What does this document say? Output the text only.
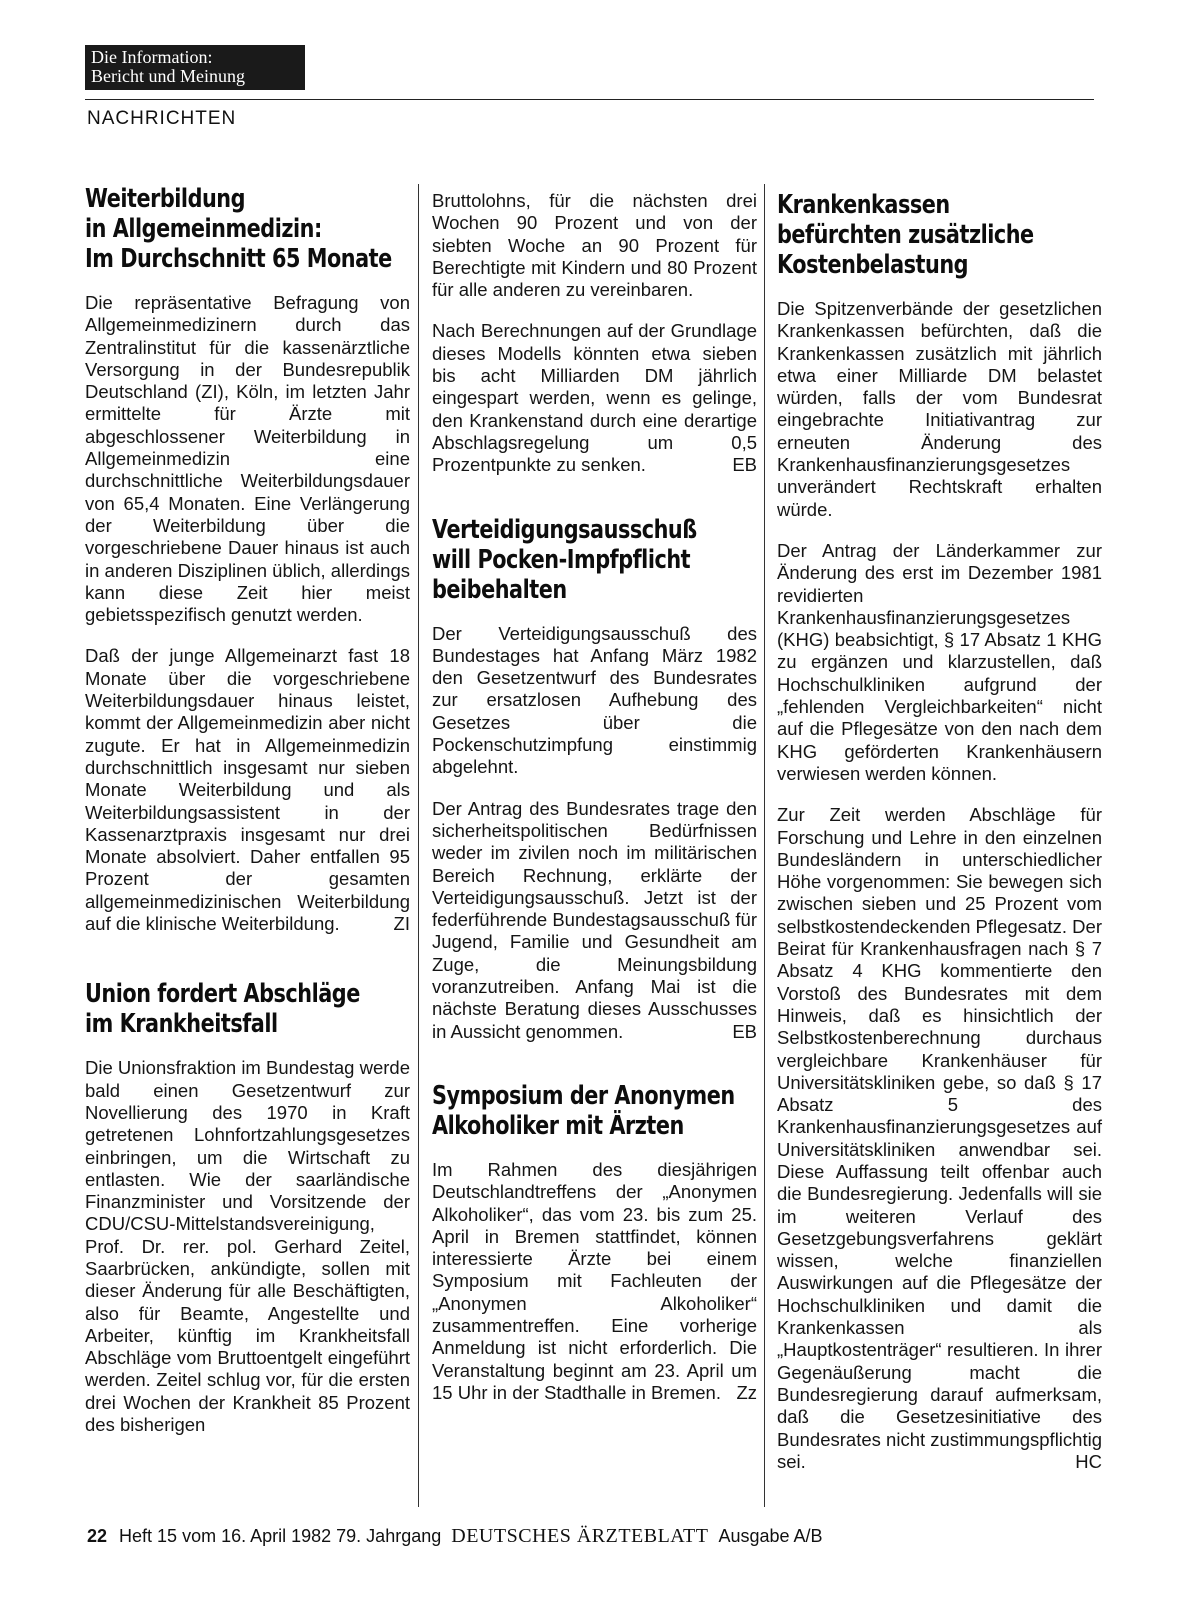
Die Information:
Bericht und Meinung
NACHRICHTEN
Weiterbildung
in Allgemeinmedizin:
Im Durchschnitt 65 Monate

Die repräsentative Befragung von Allgemeinmedizinern durch das Zentralinstitut für die kassenärztliche Versorgung in der Bundesrepublik Deutschland (ZI), Köln, im letzten Jahr ermittelte für Ärzte mit abgeschlossener Weiterbildung in Allgemeinmedizin eine durchschnittliche Weiterbildungsdauer von 65,4 Monaten. Eine Verlängerung der Weiterbildung über die vorgeschriebene Dauer hinaus ist auch in anderen Disziplinen üblich, allerdings kann diese Zeit hier meist gebietsspezifisch genutzt werden.

Daß der junge Allgemeinarzt fast 18 Monate über die vorgeschriebene Weiterbildungsdauer hinaus leistet, kommt der Allgemeinmedizin aber nicht zugute. Er hat in Allgemeinmedizin durchschnittlich insgesamt nur sieben Monate Weiterbildung und als Weiterbildungsassistent in der Kassenarztpraxis insgesamt nur drei Monate absolviert. Daher entfallen 95 Prozent der gesamten allgemeinmedizinischen Weiterbildung auf die klinische Weiterbildung.	ZI

Union fordert Abschläge
im Krankheitsfall

Die Unionsfraktion im Bundestag werde bald einen Gesetzentwurf zur Novellierung des 1970 in Kraft getretenen Lohnfortzahlungsgesetzes einbringen, um die Wirtschaft zu entlasten. Wie der saarländische Finanzminister und Vorsitzende der CDU/CSU-Mittelstandsvereinigung, Prof. Dr. rer. pol. Gerhard Zeitel, Saarbrücken, ankündigte, sollen mit dieser Änderung für alle Beschäftigten, also für Beamte, Angestellte und Arbeiter, künftig im Krankheitsfall Abschläge vom Bruttoentgelt eingeführt werden. Zeitel schlug vor, für die ersten drei Wochen der Krankheit 85 Prozent des bisherigen

Bruttolohns, für die nächsten drei Wochen 90 Prozent und von der siebten Woche an 90 Prozent für Berechtigte mit Kindern und 80 Prozent für alle anderen zu vereinbaren.

Nach Berechnungen auf der Grundlage dieses Modells könnten etwa sieben bis acht Milliarden DM jährlich eingespart werden, wenn es gelinge, den Krankenstand durch eine derartige Abschlagsregelung um 0,5 Prozentpunkte zu senken.	EB

Verteidigungsausschuß
will Pocken-Impfpflicht
beibehalten

Der Verteidigungsausschuß des Bundestages hat Anfang März 1982 den Gesetzentwurf des Bundesrates zur ersatzlosen Aufhebung des Gesetzes über die Pockenschutzimpfung einstimmig abgelehnt.

Der Antrag des Bundesrates trage den sicherheitspolitischen Bedürfnissen weder im zivilen noch im militärischen Bereich Rechnung, erklärte der Verteidigungsausschuß. Jetzt ist der federführende Bundestagsausschuß für Jugend, Familie und Gesundheit am Zuge, die Meinungsbildung voranzutreiben. Anfang Mai ist die nächste Beratung dieses Ausschusses in Aussicht genommen.	EB

Symposium der Anonymen
Alkoholiker mit Ärzten

Im Rahmen des diesjährigen Deutschlandtreffens der „Anonymen Alkoholiker“, das vom 23. bis zum 25. April in Bremen stattfindet, können interessierte Ärzte bei einem Symposium mit Fachleuten der „Anonymen Alkoholiker“ zusammentreffen. Eine vorherige Anmeldung ist nicht erforderlich. Die Veranstaltung beginnt am 23. April um 15 Uhr in der Stadthalle in Bremen. Zz

Krankenkassen
befürchten zusätzliche
Kostenbelastung

Die Spitzenverbände der gesetzlichen Krankenkassen befürchten, daß die Krankenkassen zusätzlich mit jährlich etwa einer Milliarde DM belastet würden, falls der vom Bundesrat eingebrachte Initiativantrag zur erneuten Änderung des Krankenhausfinanzierungsgesetzes unverändert Rechtskraft erhalten würde.

Der Antrag der Länderkammer zur Änderung des erst im Dezember 1981 revidierten Krankenhausfinanzierungsgesetzes (KHG) beabsichtigt, § 17 Absatz 1 KHG zu ergänzen und klarzustellen, daß Hochschulkliniken aufgrund der „fehlenden Vergleichbarkeiten“ nicht auf die Pflegesätze von den nach dem KHG geförderten Krankenhäusern verwiesen werden können.

Zur Zeit werden Abschläge für Forschung und Lehre in den einzelnen Bundesländern in unterschiedlicher Höhe vorgenommen: Sie bewegen sich zwischen sieben und 25 Prozent vom selbstkostendeckenden Pflegesatz. Der Beirat für Krankenhausfragen nach § 7 Absatz 4 KHG kommentierte den Vorstoß des Bundesrates mit dem Hinweis, daß es hinsichtlich der Selbstkostenberechnung durchaus vergleichbare Krankenhäuser für Universitätskliniken gebe, so daß § 17 Absatz 5 des Krankenhausfinanzierungsgesetzes auf Universitätskliniken anwendbar sei. Diese Auffassung teilt offenbar auch die Bundesregierung. Jedenfalls will sie im weiteren Verlauf des Gesetzgebungsverfahrens geklärt wissen, welche finanziellen Auswirkungen auf die Pflegesätze der Hochschulkliniken und damit die Krankenkassen als „Hauptkostenträger“ resultieren. In ihrer Gegenäußerung macht die Bundesregierung darauf aufmerksam, daß die Gesetzesinitiative des Bundesrates nicht zustimmungspflichtig sei.	HC

22 Heft 15 vom 16. April 1982 79. Jahrgang DEUTSCHES ÄRZTEBLATT Ausgabe A/B
